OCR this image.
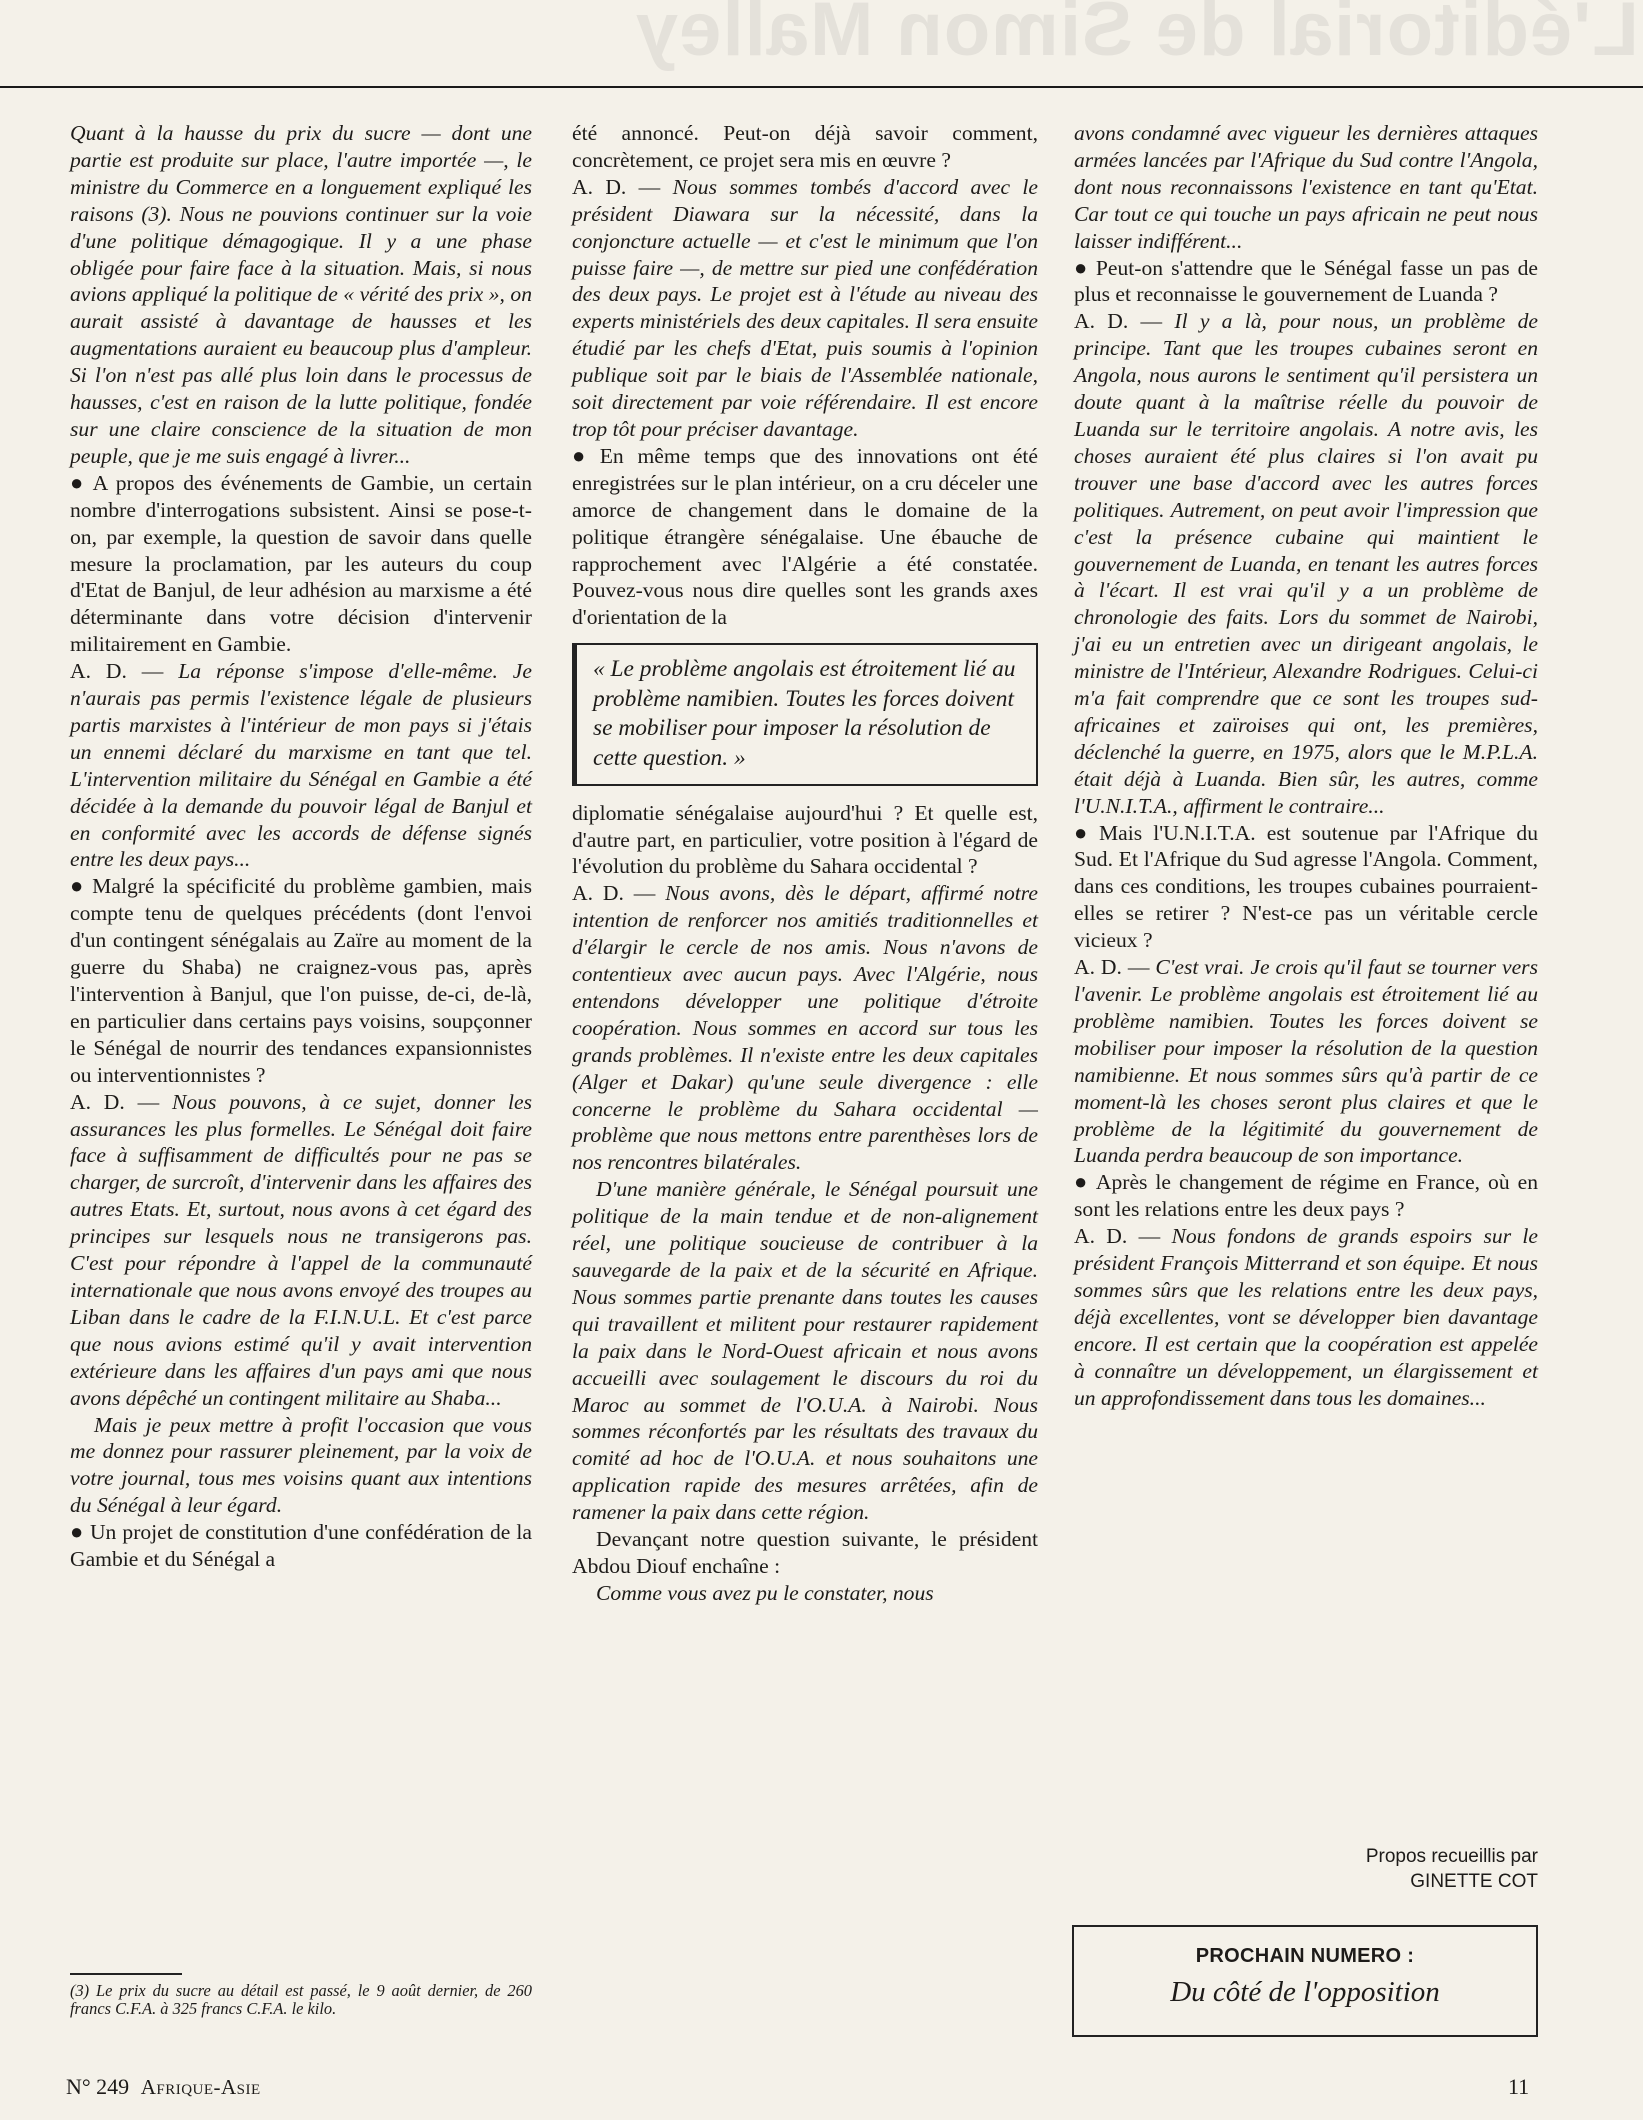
L'éditorial de Simon Malley

Quant à la hausse du prix du sucre — dont une partie est produite sur place, l'autre importée —, le ministre du Commerce en a longuement expliqué les raisons (3). Nous ne pouvions continuer sur la voie d'une politique démagogique. Il y a une phase obligée pour faire face à la situation. Mais, si nous avions appliqué la politique de « vérité des prix », on aurait assisté à davantage de hausses et les augmentations auraient eu beaucoup plus d'ampleur. Si l'on n'est pas allé plus loin dans le processus de hausses, c'est en raison de la lutte politique, fondée sur une claire conscience de la situation de mon peuple, que je me suis engagé à livrer...

● A propos des événements de Gambie, un certain nombre d'interrogations subsistent. Ainsi se pose-t-on, par exemple, la question de savoir dans quelle mesure la proclamation, par les auteurs du coup d'Etat de Banjul, de leur adhésion au marxisme a été déterminante dans votre décision d'intervenir militairement en Gambie.

A. D. — La réponse s'impose d'elle-même. Je n'aurais pas permis l'existence légale de plusieurs partis marxistes à l'intérieur de mon pays si j'étais un ennemi déclaré du marxisme en tant que tel. L'intervention militaire du Sénégal en Gambie a été décidée à la demande du pouvoir légal de Banjul et en conformité avec les accords de défense signés entre les deux pays...

● Malgré la spécificité du problème gambien, mais compte tenu de quelques précédents (dont l'envoi d'un contingent sénégalais au Zaïre au moment de la guerre du Shaba) ne craignez-vous pas, après l'intervention à Banjul, que l'on puisse, de-ci, de-là, en particulier dans certains pays voisins, soupçonner le Sénégal de nourrir des tendances expansionnistes ou interventionnistes ?

A. D. — Nous pouvons, à ce sujet, donner les assurances les plus formelles. Le Sénégal doit faire face à suffisamment de difficultés pour ne pas se charger, de surcroît, d'intervenir dans les affaires des autres Etats. Et, surtout, nous avons à cet égard des principes sur lesquels nous ne transigerons pas. C'est pour répondre à l'appel de la communauté internationale que nous avons envoyé des troupes au Liban dans le cadre de la F.I.N.U.L. Et c'est parce que nous avions estimé qu'il y avait intervention extérieure dans les affaires d'un pays ami que nous avons dépêché un contingent militaire au Shaba...

Mais je peux mettre à profit l'occasion que vous me donnez pour rassurer pleinement, par la voix de votre journal, tous mes voisins quant aux intentions du Sénégal à leur égard.

● Un projet de constitution d'une confédération de la Gambie et du Sénégal a

(3) Le prix du sucre au détail est passé, le 9 août dernier, de 260 francs C.F.A. à 325 francs C.F.A. le kilo.

été annoncé. Peut-on déjà savoir comment, concrètement, ce projet sera mis en œuvre ?

A. D. — Nous sommes tombés d'accord avec le président Diawara sur la nécessité, dans la conjoncture actuelle — et c'est le minimum que l'on puisse faire —, de mettre sur pied une confédération des deux pays. Le projet est à l'étude au niveau des experts ministériels des deux capitales. Il sera ensuite étudié par les chefs d'Etat, puis soumis à l'opinion publique soit par le biais de l'Assemblée nationale, soit directement par voie référendaire. Il est encore trop tôt pour préciser davantage.

● En même temps que des innovations ont été enregistrées sur le plan intérieur, on a cru déceler une amorce de changement dans le domaine de la politique étrangère sénégalaise. Une ébauche de rapprochement avec l'Algérie a été constatée. Pouvez-vous nous dire quelles sont les grands axes d'orientation de la

« Le problème angolais est étroitement lié au problème namibien. Toutes les forces doivent se mobiliser pour imposer la résolution de cette question. »

diplomatie sénégalaise aujourd'hui ? Et quelle est, d'autre part, en particulier, votre position à l'égard de l'évolution du problème du Sahara occidental ?

A. D. — Nous avons, dès le départ, affirmé notre intention de renforcer nos amitiés traditionnelles et d'élargir le cercle de nos amis. Nous n'avons de contentieux avec aucun pays. Avec l'Algérie, nous entendons développer une politique d'étroite coopération. Nous sommes en accord sur tous les grands problèmes. Il n'existe entre les deux capitales (Alger et Dakar) qu'une seule divergence : elle concerne le problème du Sahara occidental — problème que nous mettons entre parenthèses lors de nos rencontres bilatérales.

D'une manière générale, le Sénégal poursuit une politique de la main tendue et de non-alignement réel, une politique soucieuse de contribuer à la sauvegarde de la paix et de la sécurité en Afrique. Nous sommes partie prenante dans toutes les causes qui travaillent et militent pour restaurer rapidement la paix dans le Nord-Ouest africain et nous avons accueilli avec soulagement le discours du roi du Maroc au sommet de l'O.U.A. à Nairobi. Nous sommes réconfortés par les résultats des travaux du comité ad hoc de l'O.U.A. et nous souhaitons une application rapide des mesures arrêtées, afin de ramener la paix dans cette région.

Devançant notre question suivante, le président Abdou Diouf enchaîne :

Comme vous avez pu le constater, nous

avons condamné avec vigueur les dernières attaques armées lancées par l'Afrique du Sud contre l'Angola, dont nous reconnaissons l'existence en tant qu'Etat. Car tout ce qui touche un pays africain ne peut nous laisser indifférent...

● Peut-on s'attendre que le Sénégal fasse un pas de plus et reconnaisse le gouvernement de Luanda ?

A. D. — Il y a là, pour nous, un problème de principe. Tant que les troupes cubaines seront en Angola, nous aurons le sentiment qu'il persistera un doute quant à la maîtrise réelle du pouvoir de Luanda sur le territoire angolais. A notre avis, les choses auraient été plus claires si l'on avait pu trouver une base d'accord avec les autres forces politiques. Autrement, on peut avoir l'impression que c'est la présence cubaine qui maintient le gouvernement de Luanda, en tenant les autres forces à l'écart. Il est vrai qu'il y a un problème de chronologie des faits. Lors du sommet de Nairobi, j'ai eu un entretien avec un dirigeant angolais, le ministre de l'Intérieur, Alexandre Rodrigues. Celui-ci m'a fait comprendre que ce sont les troupes sud-africaines et zaïroises qui ont, les premières, déclenché la guerre, en 1975, alors que le M.P.L.A. était déjà à Luanda. Bien sûr, les autres, comme l'U.N.I.T.A., affirment le contraire...

● Mais l'U.N.I.T.A. est soutenue par l'Afrique du Sud. Et l'Afrique du Sud agresse l'Angola. Comment, dans ces conditions, les troupes cubaines pourraient-elles se retirer ? N'est-ce pas un véritable cercle vicieux ?

A. D. — C'est vrai. Je crois qu'il faut se tourner vers l'avenir. Le problème angolais est étroitement lié au problème namibien. Toutes les forces doivent se mobiliser pour imposer la résolution de la question namibienne. Et nous sommes sûrs qu'à partir de ce moment-là les choses seront plus claires et que le problème de la légitimité du gouvernement de Luanda perdra beaucoup de son importance.

● Après le changement de régime en France, où en sont les relations entre les deux pays ?

A. D. — Nous fondons de grands espoirs sur le président François Mitterrand et son équipe. Et nous sommes sûrs que les relations entre les deux pays, déjà excellentes, vont se développer bien davantage encore. Il est certain que la coopération est appelée à connaître un développement, un élargissement et un approfondissement dans tous les domaines...

Propos recueillis par
GINETTE COT
PROCHAIN NUMERO :
Du côté de l'opposition
N° 249 Afrique-Asie	11
